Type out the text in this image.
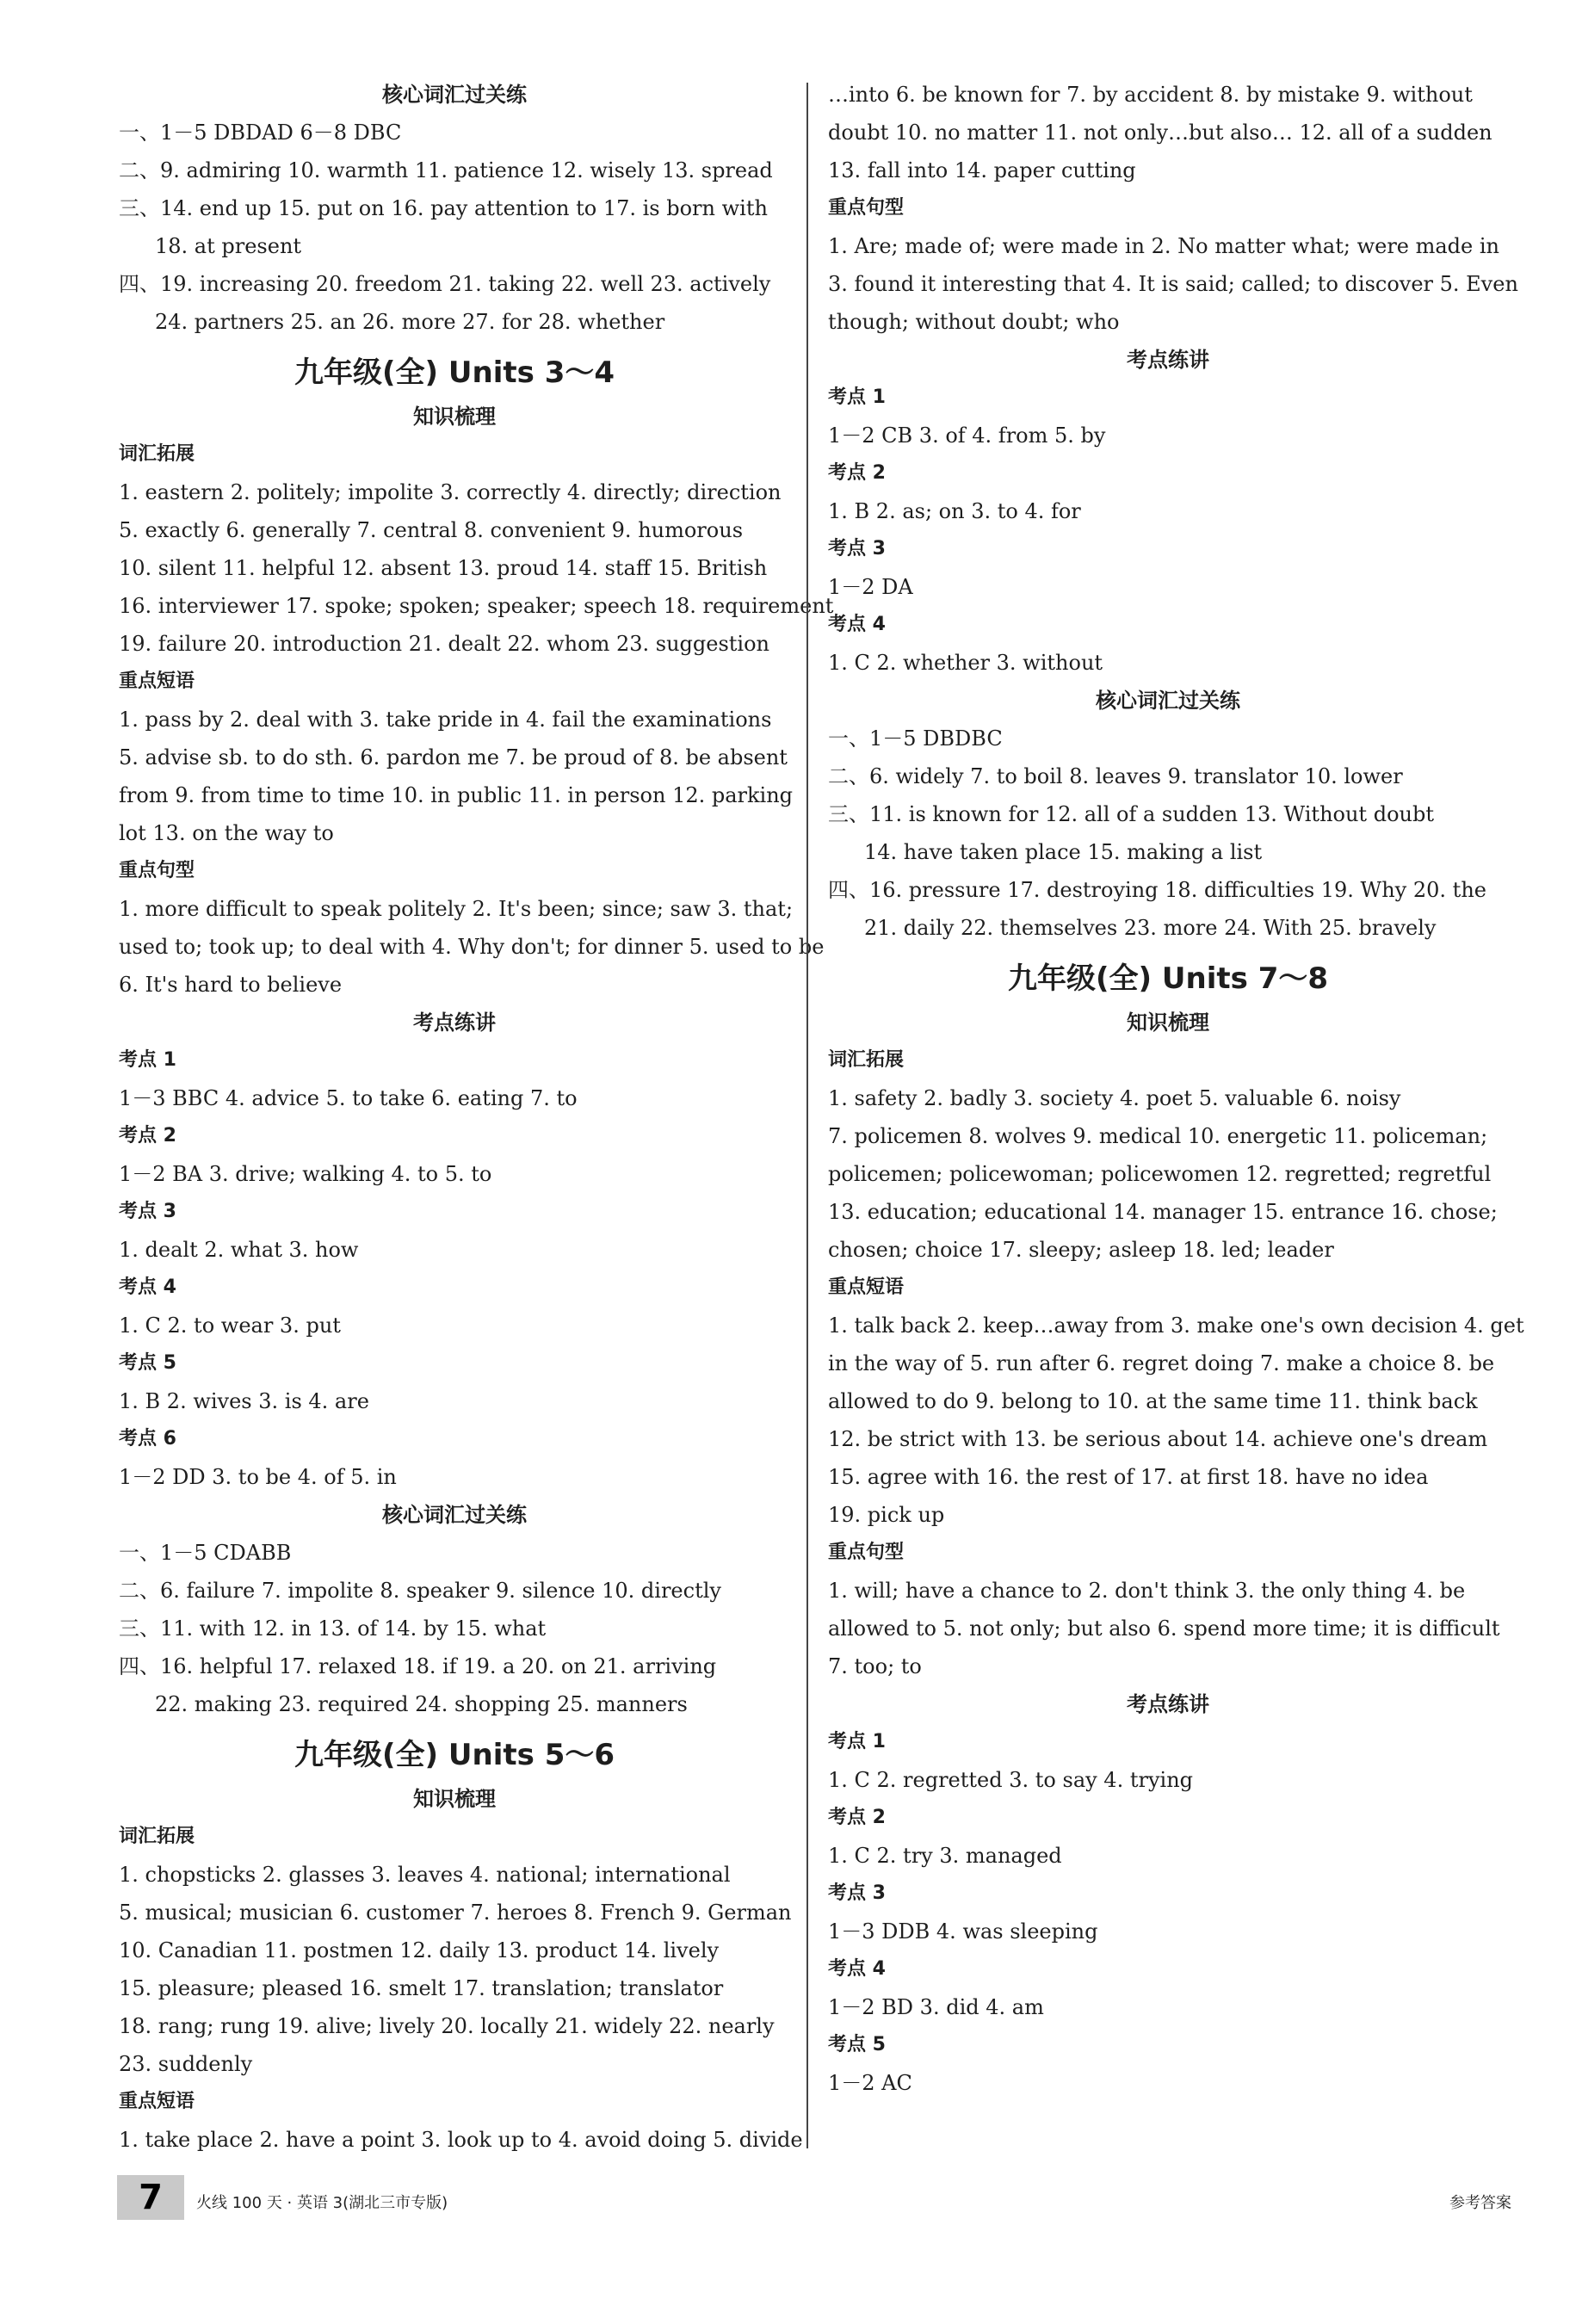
核心词汇过关练
一、1－5 DBDAD 6－8 DBC
二、9. admiring 10. warmth 11. patience 12. wisely 13. spread
三、14. end up 15. put on 16. pay attention to 17. is born with
18. at present
四、19. increasing 20. freedom 21. taking 22. well 23. actively
24. partners 25. an 26. more 27. for 28. whether
九年级(全) Units 3～4
知识梳理
词汇拓展
1. eastern 2. politely; impolite 3. correctly 4. directly; direction
5. exactly 6. generally 7. central 8. convenient 9. humorous
10. silent 11. helpful 12. absent 13. proud 14. staff 15. British
16. interviewer 17. spoke; spoken; speaker; speech 18. requirement
19. failure 20. introduction 21. dealt 22. whom 23. suggestion
重点短语
1. pass by 2. deal with 3. take pride in 4. fail the examinations
5. advise sb. to do sth. 6. pardon me 7. be proud of 8. be absent
from 9. from time to time 10. in public 11. in person 12. parking
lot 13. on the way to
重点句型
1. more difficult to speak politely 2. It's been; since; saw 3. that;
used to; took up; to deal with 4. Why don't; for dinner 5. used to be
6. It's hard to believe
考点练讲
考点 1
1－3 BBC 4. advice 5. to take 6. eating 7. to
考点 2
1－2 BA 3. drive; walking 4. to 5. to
考点 3
1. dealt 2. what 3. how
考点 4
1. C 2. to wear 3. put
考点 5
1. B 2. wives 3. is 4. are
考点 6
1－2 DD 3. to be 4. of 5. in
核心词汇过关练
一、1－5 CDABB
二、6. failure 7. impolite 8. speaker 9. silence 10. directly
三、11. with 12. in 13. of 14. by 15. what
四、16. helpful 17. relaxed 18. if 19. a 20. on 21. arriving
22. making 23. required 24. shopping 25. manners
九年级(全) Units 5～6
知识梳理
词汇拓展
1. chopsticks 2. glasses 3. leaves 4. national; international
5. musical; musician 6. customer 7. heroes 8. French 9. German
10. Canadian 11. postmen 12. daily 13. product 14. lively
15. pleasure; pleased 16. smelt 17. translation; translator
18. rang; rung 19. alive; lively 20. locally 21. widely 22. nearly
23. suddenly
重点短语
1. take place 2. have a point 3. look up to 4. avoid doing 5. divide
…into 6. be known for 7. by accident 8. by mistake 9. without
doubt 10. no matter 11. not only…but also… 12. all of a sudden
13. fall into 14. paper cutting
重点句型
1. Are; made of; were made in 2. No matter what; were made in
3. found it interesting that 4. It is said; called; to discover 5. Even
though; without doubt; who
考点练讲
考点 1
1－2 CB 3. of 4. from 5. by
考点 2
1. B 2. as; on 3. to 4. for
考点 3
1－2 DA
考点 4
1. C 2. whether 3. without
核心词汇过关练
一、1－5 DBDBC
二、6. widely 7. to boil 8. leaves 9. translator 10. lower
三、11. is known for 12. all of a sudden 13. Without doubt
14. have taken place 15. making a list
四、16. pressure 17. destroying 18. difficulties 19. Why 20. the
21. daily 22. themselves 23. more 24. With 25. bravely
九年级(全) Units 7～8
知识梳理
词汇拓展
1. safety 2. badly 3. society 4. poet 5. valuable 6. noisy
7. policemen 8. wolves 9. medical 10. energetic 11. policeman;
policemen; policewoman; policewomen 12. regretted; regretful
13. education; educational 14. manager 15. entrance 16. chose;
chosen; choice 17. sleepy; asleep 18. led; leader
重点短语
1. talk back 2. keep…away from 3. make one's own decision 4. get
in the way of 5. run after 6. regret doing 7. make a choice 8. be
allowed to do 9. belong to 10. at the same time 11. think back
12. be strict with 13. be serious about 14. achieve one's dream
15. agree with 16. the rest of 17. at first 18. have no idea
19. pick up
重点句型
1. will; have a chance to 2. don't think 3. the only thing 4. be
allowed to 5. not only; but also 6. spend more time; it is difficult
7. too; to
考点练讲
考点 1
1. C 2. regretted 3. to say 4. trying
考点 2
1. C 2. try 3. managed
考点 3
1－3 DDB 4. was sleeping
考点 4
1－2 BD 3. did 4. am
考点 5
1－2 AC
7	火线 100 天 · 英语 3(湖北三市专版)	参考答案
